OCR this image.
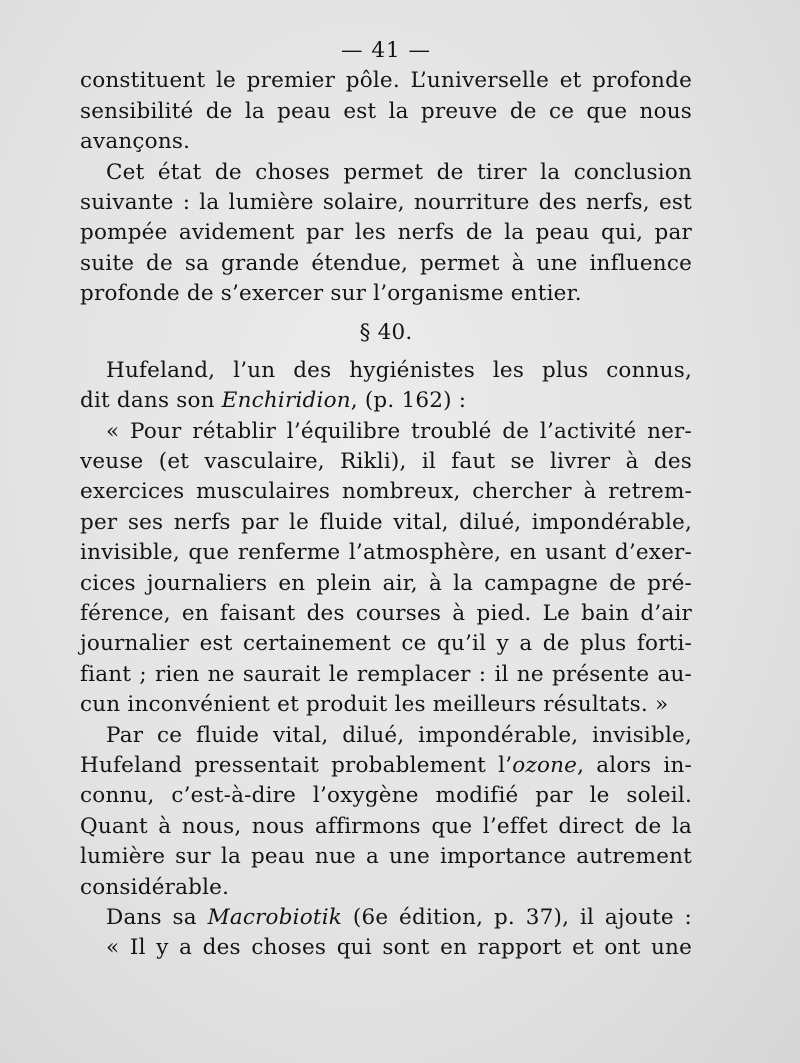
— 41 —
constituent le premier pôle. L’universelle et profonde
sensibilité de la peau est la preuve de ce que nous
avançons.
Cet état de choses permet de tirer la conclusion
suivante : la lumière solaire, nourriture des nerfs, est
pompée avidement par les nerfs de la peau qui, par
suite de sa grande étendue, permet à une influence
profonde de s’exercer sur l’organisme entier.
§ 40.
Hufeland, l’un des hygiénistes les plus connus,
dit dans son Enchiridion, (p. 162) :
« Pour rétablir l’équilibre troublé de l’activité ner-
veuse (et vasculaire, Rikli), il faut se livrer à des
exercices musculaires nombreux, chercher à retrem-
per ses nerfs par le fluide vital, dilué, impondérable,
invisible, que renferme l’atmosphère, en usant d’exer-
cices journaliers en plein air, à la campagne de pré-
férence, en faisant des courses à pied. Le bain d’air
journalier est certainement ce qu’il y a de plus forti-
fiant ; rien ne saurait le remplacer : il ne présente au-
cun inconvénient et produit les meilleurs résultats. »
Par ce fluide vital, dilué, impondérable, invisible,
Hufeland pressentait probablement l’ozone, alors in-
connu, c’est-à-dire l’oxygène modifié par le soleil.
Quant à nous, nous affirmons que l’effet direct de la
lumière sur la peau nue a une importance autrement
considérable.
Dans sa Macrobiotik (6e édition, p. 37), il ajoute :
« Il y a des choses qui sont en rapport et ont une
